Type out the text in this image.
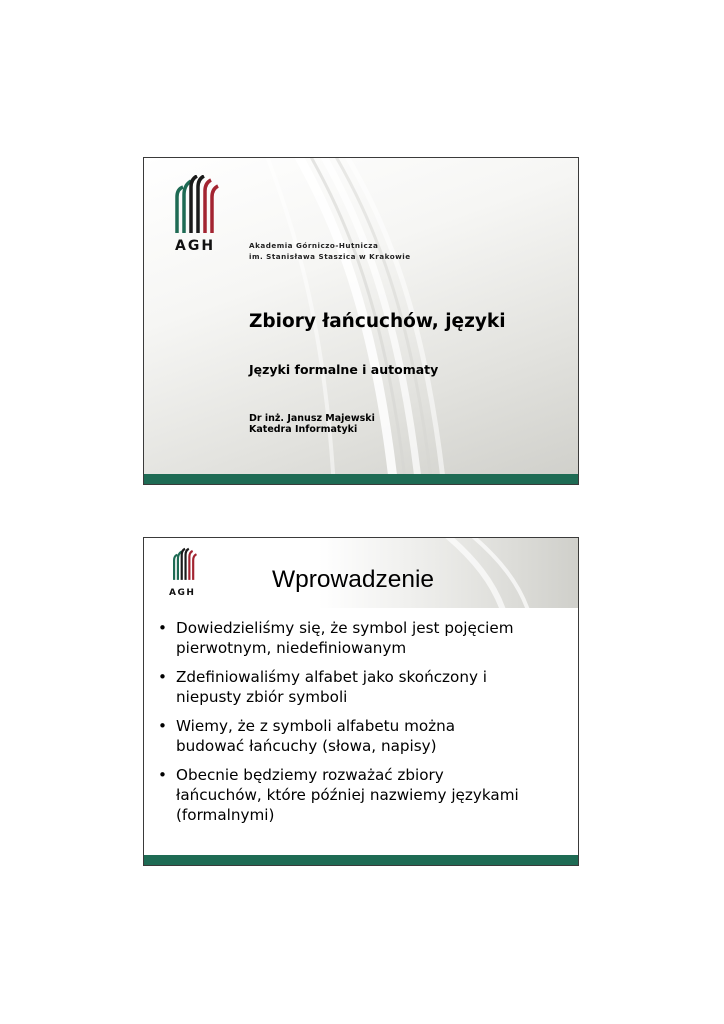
AGH	Akademia Górniczo-Hutnicza
im. Stanisława Staszica w Krakowie
Zbiory łańcuchów, języki
Języki formalne i automaty
Dr inż. Janusz Majewski
Katedra Informatyki
AGH	Wprowadzenie
• Dowiedzieliśmy się, że symbol jest pojęciem
pierwotnym, niedefiniowanym
• Zdefiniowaliśmy alfabet jako skończony i
niepusty zbiór symboli
• Wiemy, że z symboli alfabetu można
budować łańcuchy (słowa, napisy)
• Obecnie będziemy rozważać zbiory
łańcuchów, które później nazwiemy językami
(formalnymi)
